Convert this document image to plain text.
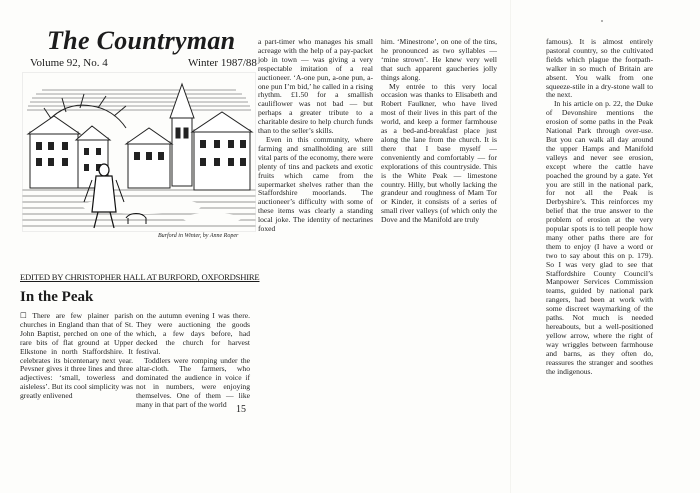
The Countryman
Volume 92, No. 4	Winter 1987/88
Burford in Winter, by Anne Roper
EDITED BY CHRISTOPHER HALL AT BURFORD, OXFORDSHIRE
In the Peak

☐ There are few plainer parish churches in England than that of St. John Baptist, perched on one of the rare bits of flat ground at Upper Elkstone in north Staffordshire. It celebrates its bicentenary next year. Pevsner gives it three lines and three adjectives: ‘small, towerless and aisleless’. But its cool simplicity was greatly enlivened

on the autumn evening I was there. They were auctioning the goods which, a few days before, had decked the church for harvest festival.

Toddlers were romping under the altar-cloth. The farmers, who dominated the audience in voice if not in numbers, were enjoying themselves. One of them — like many in that part of the world

a part-timer who manages his small acreage with the help of a pay-packet job in town — was giving a very respectable imitation of a real auctioneer. ‘A-one pun, a-one pun, a-one pun I’m bid,’ he called in a rising rhythm. £1.50 for a smallish cauliflower was not bad — but perhaps a greater tribute to a charitable desire to help church funds than to the seller’s skills.

Even in this community, where farming and smallholding are still vital parts of the economy, there were plenty of tins and packets and exotic fruits which came from the supermarket shelves rather than the Staffordshire moorlands. The auctioneer’s difficulty with some of these items was clearly a standing local joke. The identity of nectarines foxed

him. ‘Minestrone’, on one of the tins, he pronounced as two syllables — ‘mine strown’. He knew very well that such apparent gaucheries jolly things along.

My entrée to this very local occasion was thanks to Elisabeth and Robert Faulkner, who have lived most of their lives in this part of the world, and keep a former farmhouse as a bed-and-breakfast place just along the lane from the church. It is there that I base myself — conveniently and comfortably — for explorations of this countryside. This is the White Peak — limestone country. Hilly, but wholly lacking the grandeur and roughness of Mam Tor or Kinder, it consists of a series of small river valleys (of which only the Dove and the Manifold are truly

famous). It is almost entirely pastoral country, so the cultivated fields which plague the footpath-walker in so much of Britain are absent. You walk from one squeeze-stile in a dry-stone wall to the next.

In his article on p. 22, the Duke of Devonshire mentions the erosion of some paths in the Peak National Park through over-use. But you can walk all day around the upper Hamps and Manifold valleys and never see erosion, except where the cattle have poached the ground by a gate. Yet you are still in the national park, for not all the Peak is Derbyshire’s. This reinforces my belief that the true answer to the problem of erosion at the very popular spots is to tell people how many other paths there are for them to enjoy (I have a word or two to say about this on p. 179). So I was very glad to see that Staffordshire County Council’s Manpower Services Commission teams, guided by national park rangers, had been at work with some discreet waymarking of the paths. Not much is needed hereabouts, but a well-positioned yellow arrow, where the right of way wriggles between farmhouse and barns, as they often do, reassures the stranger and soothes the indigenous.

15
